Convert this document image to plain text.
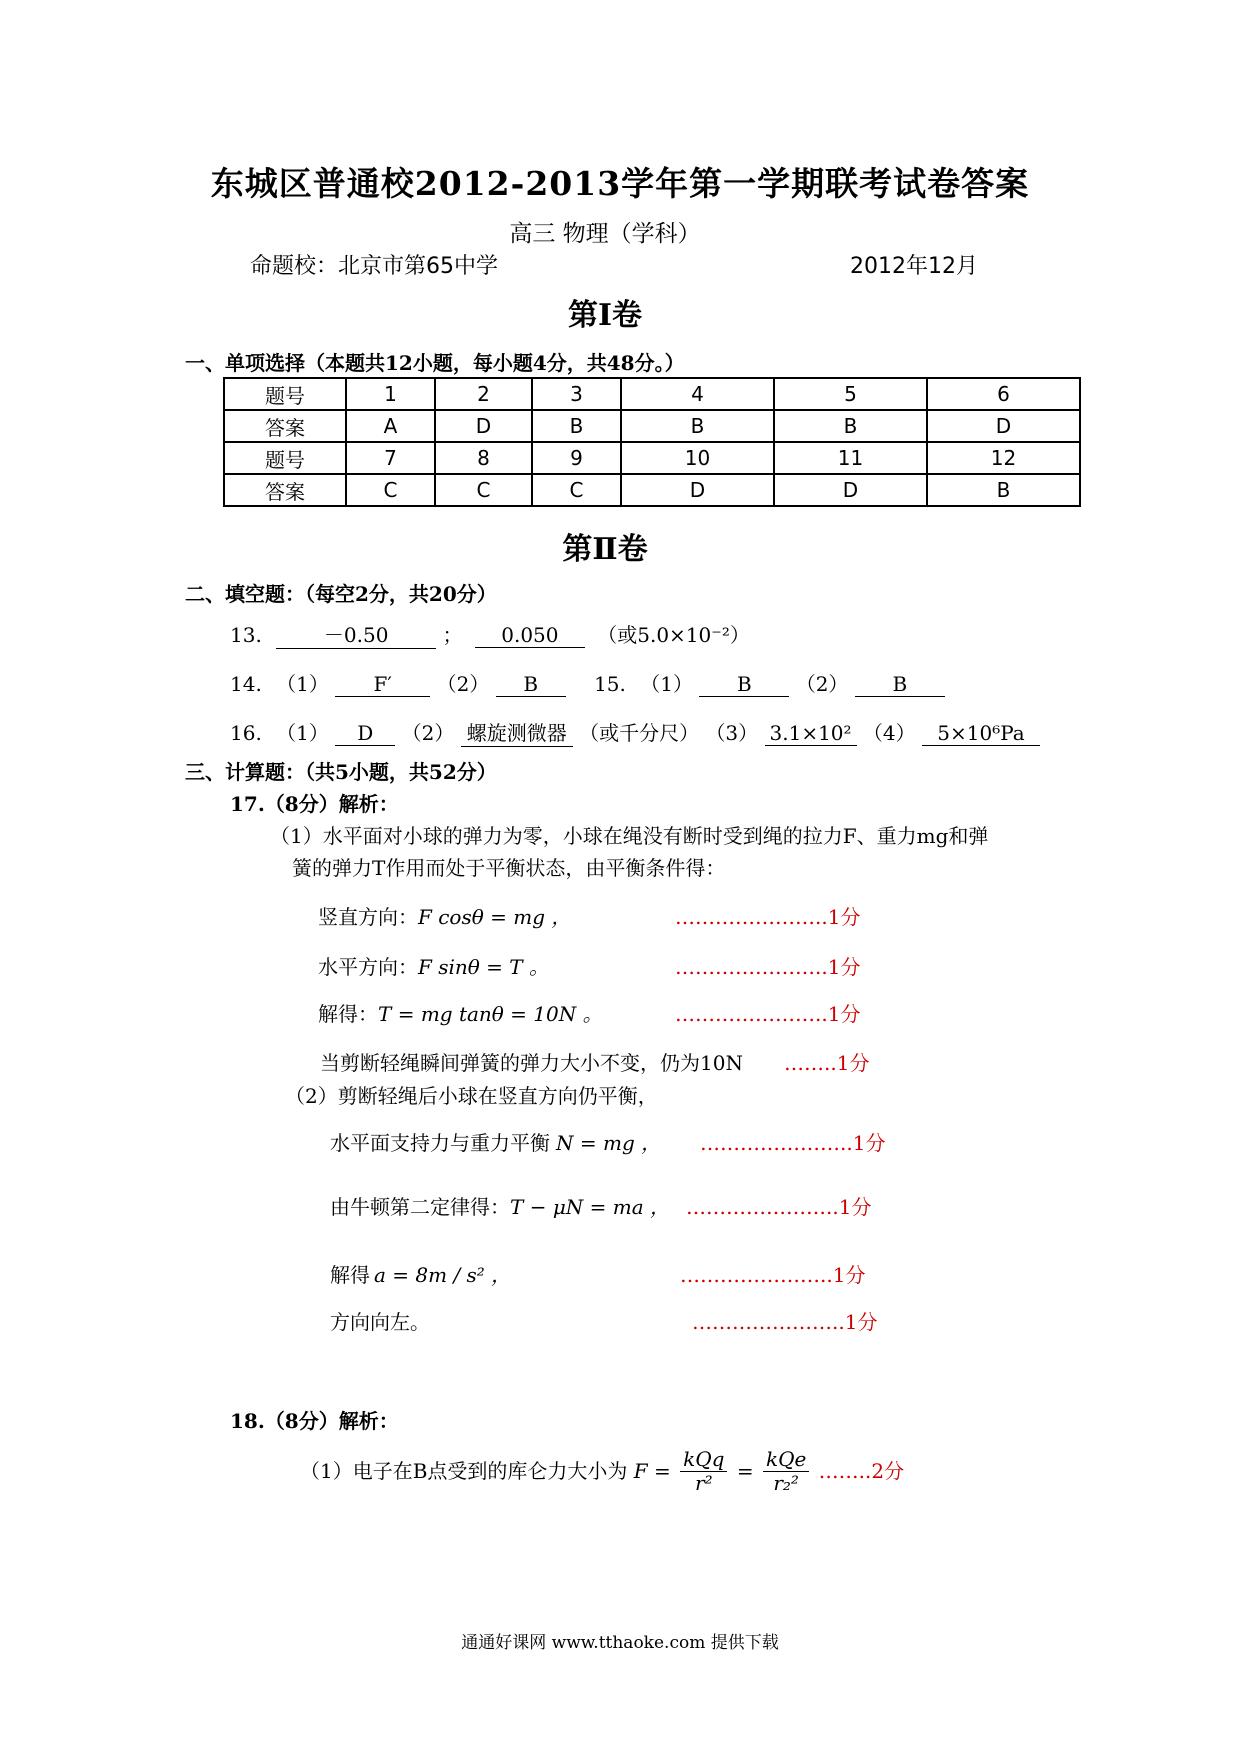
东城区普通校2012-2013学年第一学期联考试卷答案
高三 物理（学科）
命题校：北京市第65中学	2012年12月
第Ⅰ卷
一、单项选择（本题共12小题，每小题4分，共48分。）
题号	1	2	3	4	5	6
答案	A	D	B	B	B	D
题号	7	8	9	10	11	12
答案	C	C	C	D	D	B
第Ⅱ卷
二、填空题：（每空2分，共20分）
13.	－0.50	； 0.050 （或5.0×10⁻²）
14. （1） F′ （2） B	15. （1） B （2） B
16. （1） D （2） 螺旋测微器 （或千分尺） （3） 3.1×10² （4） 5×10⁶Pa
三、计算题：（共5小题，共52分）
17.（8分）解析：
（1）水平面对小球的弹力为零，小球在绳没有断时受到绳的拉力F、重力mg和弹
簧的弹力T作用而处于平衡状态，由平衡条件得：
竖直方向：F cosθ = mg ，	…………………..1分
水平方向：F sinθ = T 。	…………………..1分
解得：T = mg tanθ = 10N 。	…………………..1分
当剪断轻绳瞬间弹簧的弹力大小不变，仍为10N ……..1分
（2）剪断轻绳后小球在竖直方向仍平衡，
水平面支持力与重力平衡 N = mg ， …………………..1分
由牛顿第二定律得：T − μN = ma ， …………………..1分
解得 a = 8m / s² ，	…………………..1分
方向向左。	…………………..1分
18.（8分）解析：
（1）电子在B点受到的库仑力大小为 $F = \frac{\text{kQq}}{\text{r²}} = \frac{\text{kQe}}{\text{r₂²}}$ ……..2分
通通好课网 www.tthaoke.com 提供下载
